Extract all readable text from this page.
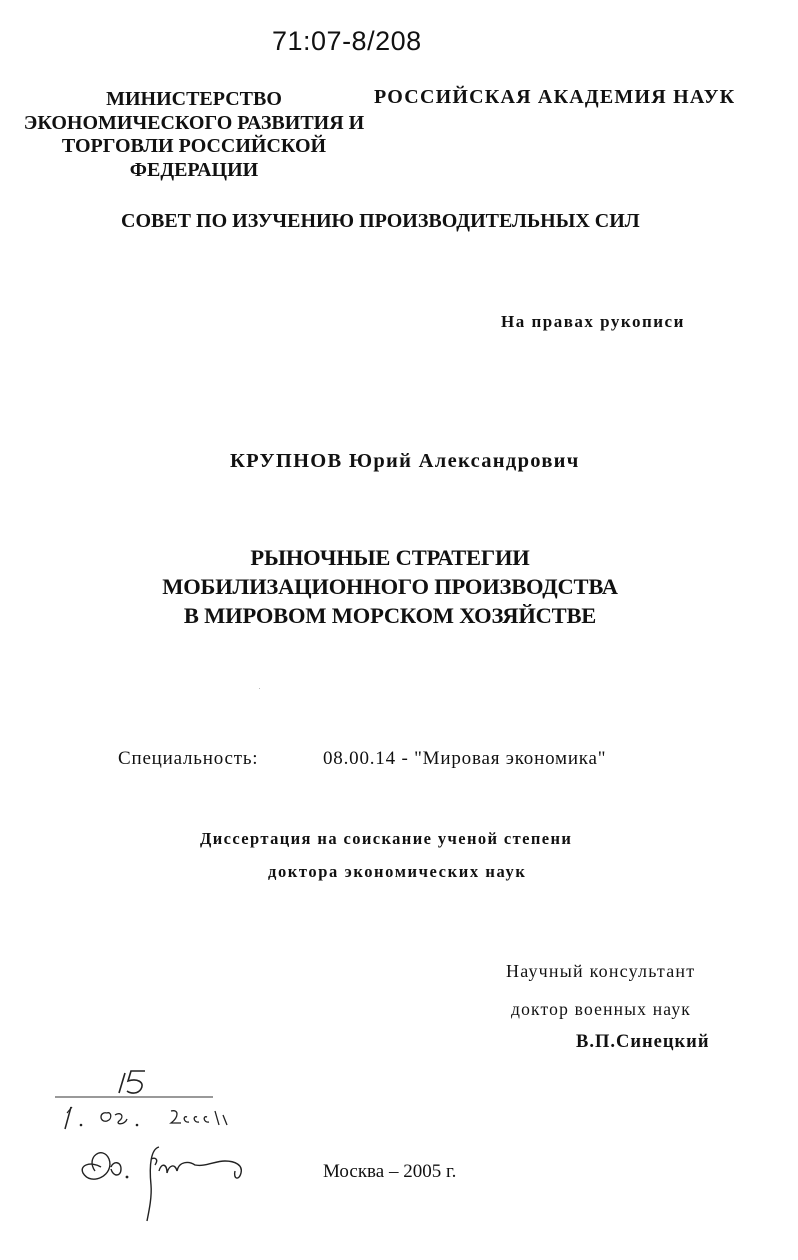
71:07-8/208
МИНИСТЕРСТВО
ЭКОНОМИЧЕСКОГО РАЗВИТИЯ И
ТОРГОВЛИ РОССИЙСКОЙ
ФЕДЕРАЦИИ
РОССИЙСКАЯ АКАДЕМИЯ НАУК
СОВЕТ ПО ИЗУЧЕНИЮ ПРОИЗВОДИТЕЛЬНЫХ СИЛ
На правах рукописи
КРУПНОВ Юрий Александрович
РЫНОЧНЫЕ СТРАТЕГИИ
МОБИЛИЗАЦИОННОГО ПРОИЗВОДСТВА
В МИРОВОМ МОРСКОМ ХОЗЯЙСТВЕ
Специальность:	08.00.14 - "Мировая экономика"
Диссертация на соискание ученой степени
доктора экономических наук
Научный консультант
доктор военных наук
В.П.Синецкий
Москва – 2005 г.
